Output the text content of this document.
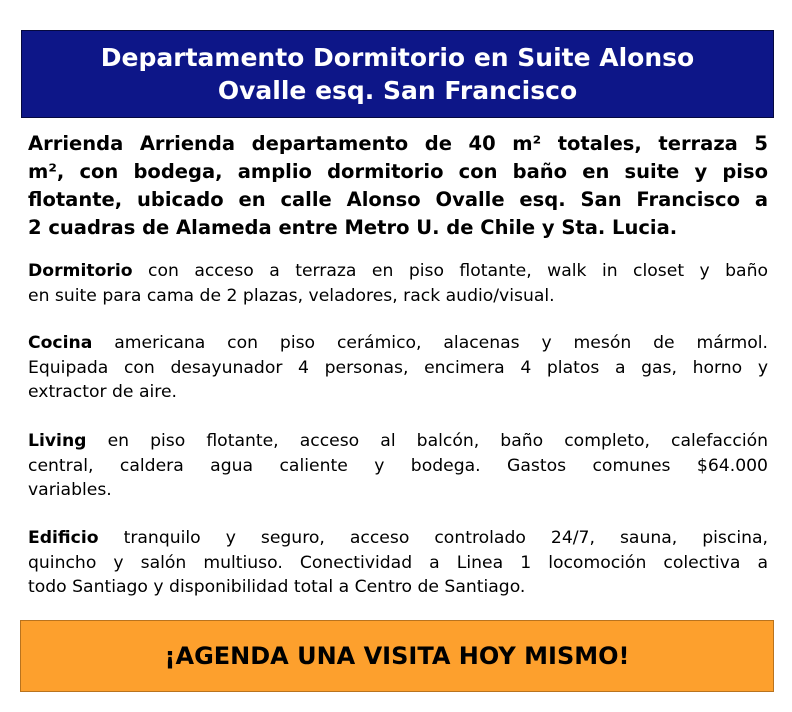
Departamento Dormitorio en Suite Alonso
Ovalle esq. San Francisco
Arrienda Arrienda departamento de 40 m² totales, terraza 5
m², con bodega, amplio dormitorio con baño en suite y piso
flotante, ubicado en calle Alonso Ovalle esq. San Francisco a
2 cuadras de Alameda entre Metro U. de Chile y Sta. Lucia.
Dormitorio con acceso a terraza en piso flotante, walk in closet y baño
en suite para cama de 2 plazas, veladores, rack audio/visual.
Cocina americana con piso cerámico, alacenas y mesón de mármol.
Equipada con desayunador 4 personas, encimera 4 platos a gas, horno y
extractor de aire.
Living en piso flotante, acceso al balcón, baño completo, calefacción
central, caldera agua caliente y bodega. Gastos comunes $64.000
variables.
Edificio tranquilo y seguro, acceso controlado 24/7, sauna, piscina,
quincho y salón multiuso. Conectividad a Linea 1 locomoción colectiva a
todo Santiago y disponibilidad total a Centro de Santiago.
¡AGENDA UNA VISITA HOY MISMO!
